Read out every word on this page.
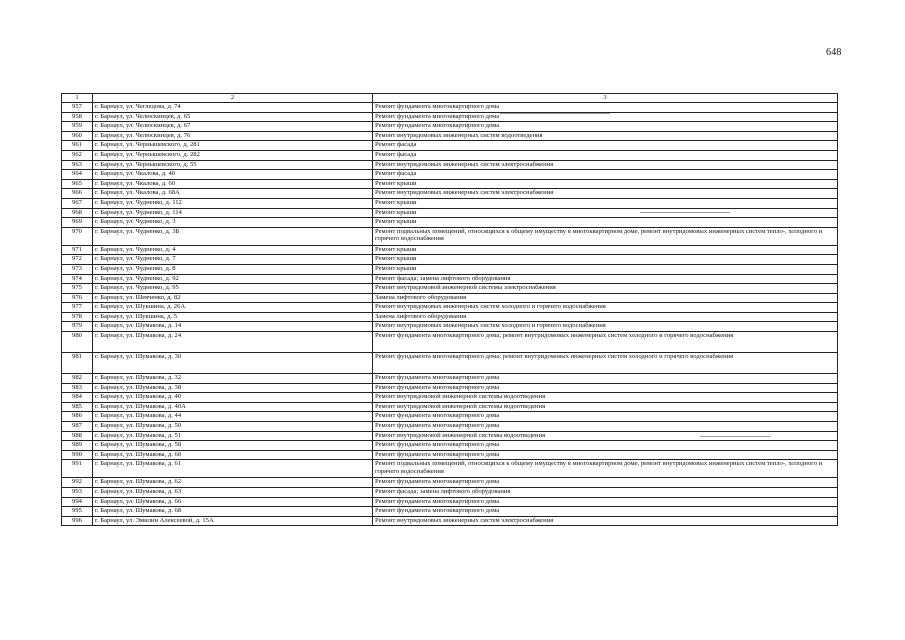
648
1	2	3
957	г. Барнаул, ул. Чеглецова, д. 74	Ремонт фундамента многоквартирного дома
958	г. Барнаул, ул. Челюскинцев, д. 65	Ремонт фундамента многоквартирного дома
959	г. Барнаул, ул. Челюскинцев, д. 67	Ремонт фундамента многоквартирного дома
960	г. Барнаул, ул. Челюскинцев, д. 76	Ремонт внутридомовых инженерных систем водоотведения
961	г. Барнаул, ул. Чернышевского, д. 281	Ремонт фасада
962	г. Барнаул, ул. Чернышевского, д. 282	Ремонт фасада
963	г. Барнаул, ул. Чернышевского, д. 55	Ремонт внутридомовых инженерных систем электроснабжения
964	г. Барнаул, ул. Чкалова, д. 40	Ремонт фасада
965	г. Барнаул, ул. Чкалова, д. 60	Ремонт крыши
966	г. Барнаул, ул. Чкалова, д. 68А	Ремонт внутридомовых инженерных систем электроснабжения
967	г. Барнаул, ул. Чудненко, д. 112	Ремонт крыши
968	г. Барнаул, ул. Чудненко, д. 114	Ремонт крыши
969	г. Барнаул, ул. Чудненко, д. 3	Ремонт крыши
970	г. Барнаул, ул. Чудненко, д. 3Б	Ремонт подвальных помещений, относящихся к общему имуществу в многоквартирном доме, ремонт внутридомовых инженерных систем тепло-, холодного и горячего водоснабжения
971	г. Барнаул, ул. Чудненко, д. 4	Ремонт крыши
972	г. Барнаул, ул. Чудненко, д. 7	Ремонт крыши
973	г. Барнаул, ул. Чудненко, д. 8	Ремонт крыши
974	г. Барнаул, ул. Чудненко, д. 92	Ремонт фасада; замена лифтового оборудования
975	г. Барнаул, ул. Чудненко, д. 95	Ремонт внутридомовой инженерной системы электроснабжения
976	г. Барнаул, ул. Шевченко, д. 82	Замена лифтового оборудования
977	г. Барнаул, ул. Шукшина, д. 26А	Ремонт внутридомовых инженерных систем холодного и горячего водоснабжения
978	г. Барнаул, ул. Шукшина, д. 5	Замена лифтового оборудования
979	г. Барнаул, ул. Шумакова, д. 14	Ремонт внутридомовых инженерных систем холодного и горячего водоснабжения
980	г. Барнаул, ул. Шумакова, д. 24	Ремонт фундамента многоквартирного дома; ремонт внутридомовых инженерных систем холодного и горячего водоснабжения
981	г. Барнаул, ул. Шумакова, д. 30	Ремонт фундамента многоквартирного дома; ремонт внутридомовых инженерных систем холодного и горячего водоснабжения
982	г. Барнаул, ул. Шумакова, д. 32	Ремонт фундамента многоквартирного дома
983	г. Барнаул, ул. Шумакова, д. 38	Ремонт фундамента многоквартирного дома
984	г. Барнаул, ул. Шумакова, д. 40	Ремонт внутридомовой инженерной системы водоотведения
985	г. Барнаул, ул. Шумакова, д. 40А	Ремонт внутридомовой инженерной системы водоотведения
986	г. Барнаул, ул. Шумакова, д. 44	Ремонт фундамента многоквартирного дома
987	г. Барнаул, ул. Шумакова, д. 50	Ремонт фундамента многоквартирного дома
988	г. Барнаул, ул. Шумакова, д. 51	Ремонт внутридомовой инженерной системы водоотведения
989	г. Барнаул, ул. Шумакова, д. 58	Ремонт фундамента многоквартирного дома
990	г. Барнаул, ул. Шумакова, д. 60	Ремонт фундамента многоквартирного дома
991	г. Барнаул, ул. Шумакова, д. 61	Ремонт подвальных помещений, относящихся к общему имуществу в многоквартирном доме, ремонт внутридомовых инженерных систем тепло-, холодного и горячего водоснабжения
992	г. Барнаул, ул. Шумакова, д. 62	Ремонт фундамента многоквартирного дома
993	г. Барнаул, ул. Шумакова, д. 63	Ремонт фасада; замена лифтового оборудования
994	г. Барнаул, ул. Шумакова, д. 66	Ремонт фундамента многоквартирного дома
995	г. Барнаул, ул. Шумакова, д. 68	Ремонт фундамента многоквартирного дома
996	г. Барнаул, ул. Эмилии Алексеевой, д. 15А	Ремонт внутридомовых инженерных систем электроснабжения
